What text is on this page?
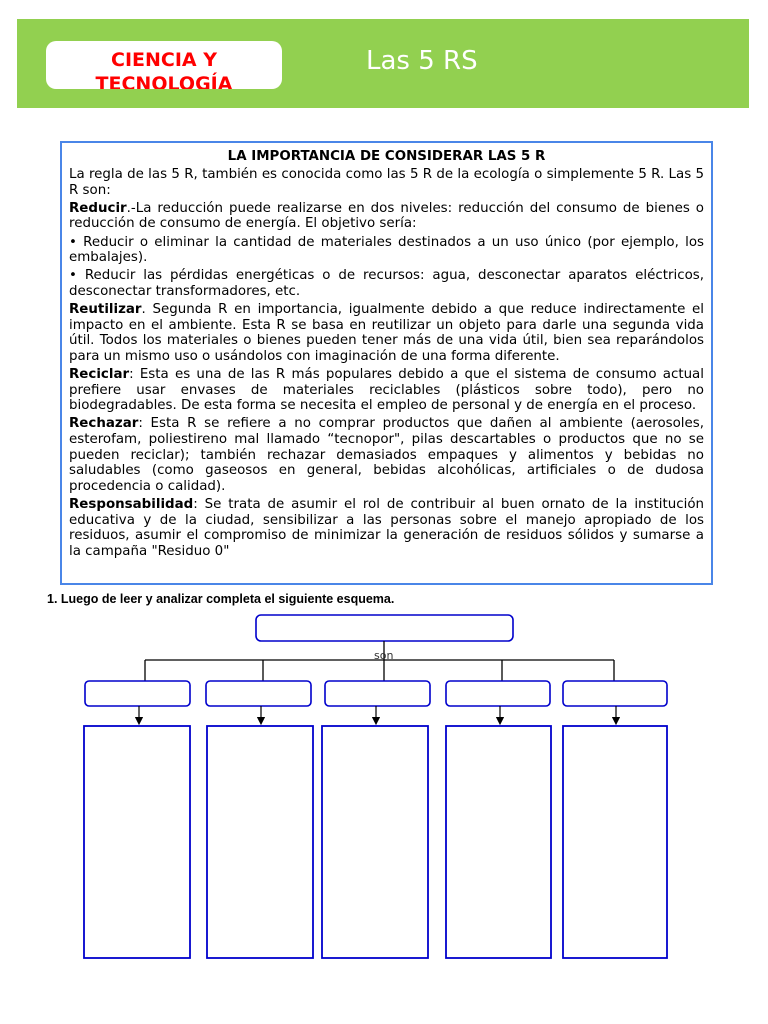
CIENCIA Y TECNOLOGÍA
Las 5 RS
LA IMPORTANCIA DE CONSIDERAR LAS 5 R

La regla de las 5 R, también es conocida como las 5 R de la ecología o simplemente 5 R. Las 5 R son:

Reducir.-La reducción puede realizarse en dos niveles: reducción del consumo de bienes o reducción de consumo de energía. El objetivo sería:

• Reducir o eliminar la cantidad de materiales destinados a un uso único (por ejemplo, los embalajes).

• Reducir las pérdidas energéticas o de recursos: agua, desconectar aparatos eléctricos, desconectar transformadores, etc.

Reutilizar. Segunda R en importancia, igualmente debido a que reduce indirectamente el impacto en el ambiente. Esta R se basa en reutilizar un objeto para darle una segunda vida útil. Todos los materiales o bienes pueden tener más de una vida útil, bien sea reparándolos para un mismo uso o usándolos con imaginación de una forma diferente.

Reciclar: Esta es una de las R más populares debido a que el sistema de consumo actual prefiere usar envases de materiales reciclables (plásticos sobre todo), pero no biodegradables. De esta forma se necesita el empleo de personal y de energía en el proceso.

Rechazar: Esta R se refiere a no comprar productos que dañen al ambiente (aerosoles, esterofam, poliestireno mal llamado “tecnopor", pilas descartables o productos que no se pueden reciclar); también rechazar demasiados empaques y alimentos y bebidas no saludables (como gaseosos en general, bebidas alcohólicas, artificiales o de dudosa procedencia o calidad).

Responsabilidad: Se trata de asumir el rol de contribuir al buen ornato de la institución educativa y de la ciudad, sensibilizar a las personas sobre el manejo apropiado de los residuos, asumir el compromiso de minimizar la generación de residuos sólidos y sumarse a la campaña "Residuo 0"

1. Luego de leer y analizar completa el siguiente esquema.
son
